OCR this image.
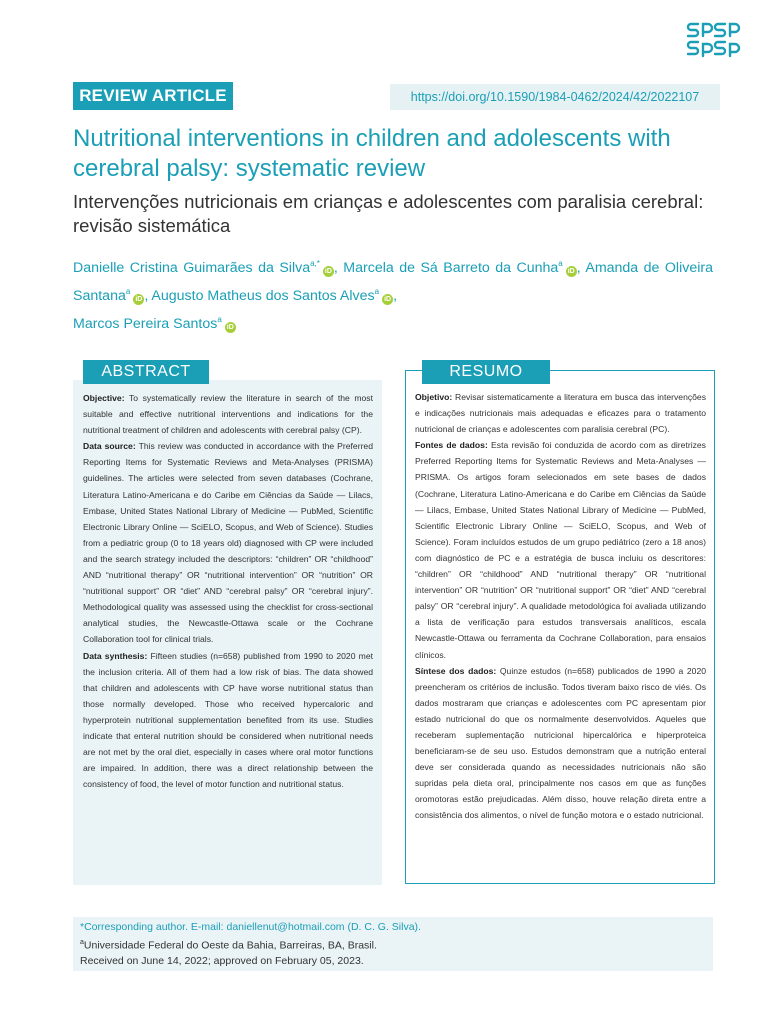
REVIEW ARTICLE	https://doi.org/10.1590/1984-0462/2024/42/2022107
Nutritional interventions in children and adolescents with cerebral palsy: systematic review
Intervenções nutricionais em crianças e adolescentes com paralisia cerebral: revisão sistemática
Danielle Cristina Guimarães da Silva$^{a,*}$iD , Marcela de Sá Barreto da Cunha$^a$iD , Amanda de Oliveira Santana$^a$iD , Augusto Matheus dos Santos Alves$^a$iD ,
Marcos Pereira Santos$^a$iD
ABSTRACT

Objective: To systematically review the literature in search of the most suitable and effective nutritional interventions and indications for the nutritional treatment of children and adolescents with cerebral palsy (CP).

Data source: This review was conducted in accordance with the Preferred Reporting Items for Systematic Reviews and Meta-Analyses (PRISMA) guidelines. The articles were selected from seven databases (Cochrane, Literatura Latino-Americana e do Caribe em Ciências da Saúde — Lilacs, Embase, United States National Library of Medicine — PubMed, Scientific Electronic Library Online — SciELO, Scopus, and Web of Science). Studies from a pediatric group (0 to 18 years old) diagnosed with CP were included and the search strategy included the descriptors: “children” OR “childhood” AND “nutritional therapy” OR “nutritional intervention” OR “nutrition” OR “nutritional support” OR “diet” AND “cerebral palsy” OR “cerebral injury”. Methodological quality was assessed using the checklist for cross-sectional analytical studies, the Newcastle-Ottawa scale or the Cochrane Collaboration tool for clinical trials.

Data synthesis: Fifteen studies (n=658) published from 1990 to 2020 met the inclusion criteria. All of them had a low risk of bias. The data showed that children and adolescents with CP have worse nutritional status than those normally developed. Those who received hypercaloric and hyperprotein nutritional supplementation benefited from its use. Studies indicate that enteral nutrition should be considered when nutritional needs are not met by the oral diet, especially in cases where oral motor functions are impaired. In addition, there was a direct relationship between the consistency of food, the level of motor function and nutritional status.

RESUMO

Objetivo: Revisar sistematicamente a literatura em busca das intervenções e indicações nutricionais mais adequadas e eficazes para o tratamento nutricional de crianças e adolescentes com paralisia cerebral (PC).

Fontes de dados: Esta revisão foi conduzida de acordo com as diretrizes Preferred Reporting Items for Systematic Reviews and Meta-Analyses — PRISMA. Os artigos foram selecionados em sete bases de dados (Cochrane, Literatura Latino-Americana e do Caribe em Ciências da Saúde — Lilacs, Embase, United States National Library of Medicine — PubMed, Scientific Electronic Library Online — SciELO, Scopus, and Web of Science). Foram incluídos estudos de um grupo pediátrico (zero a 18 anos) com diagnóstico de PC e a estratégia de busca incluiu os descritores: “children” OR “childhood” AND “nutritional therapy” OR “nutritional intervention” OR “nutrition” OR “nutritional support” OR “diet” AND “cerebral palsy” OR “cerebral injury”. A qualidade metodológica foi avaliada utilizando a lista de verificação para estudos transversais analíticos, escala Newcastle-Ottawa ou ferramenta da Cochrane Collaboration, para ensaios clínicos.

Síntese dos dados: Quinze estudos (n=658) publicados de 1990 a 2020 preencheram os critérios de inclusão. Todos tiveram baixo risco de viés. Os dados mostraram que crianças e adolescentes com PC apresentam pior estado nutricional do que os normalmente desenvolvidos. Aqueles que receberam suplementação nutricional hipercalórica e hiperproteica beneficiaram-se de seu uso. Estudos demonstram que a nutrição enteral deve ser considerada quando as necessidades nutricionais não são supridas pela dieta oral, principalmente nos casos em que as funções oromotoras estão prejudicadas. Além disso, houve relação direta entre a consistência dos alimentos, o nível de função motora e o estado nutricional.

*Corresponding author. E-mail: daniellenut@hotmail.com (D. C. G. Silva).
$^a$Universidade Federal do Oeste da Bahia, Barreiras, BA, Brasil.
Received on June 14, 2022; approved on February 05, 2023.
